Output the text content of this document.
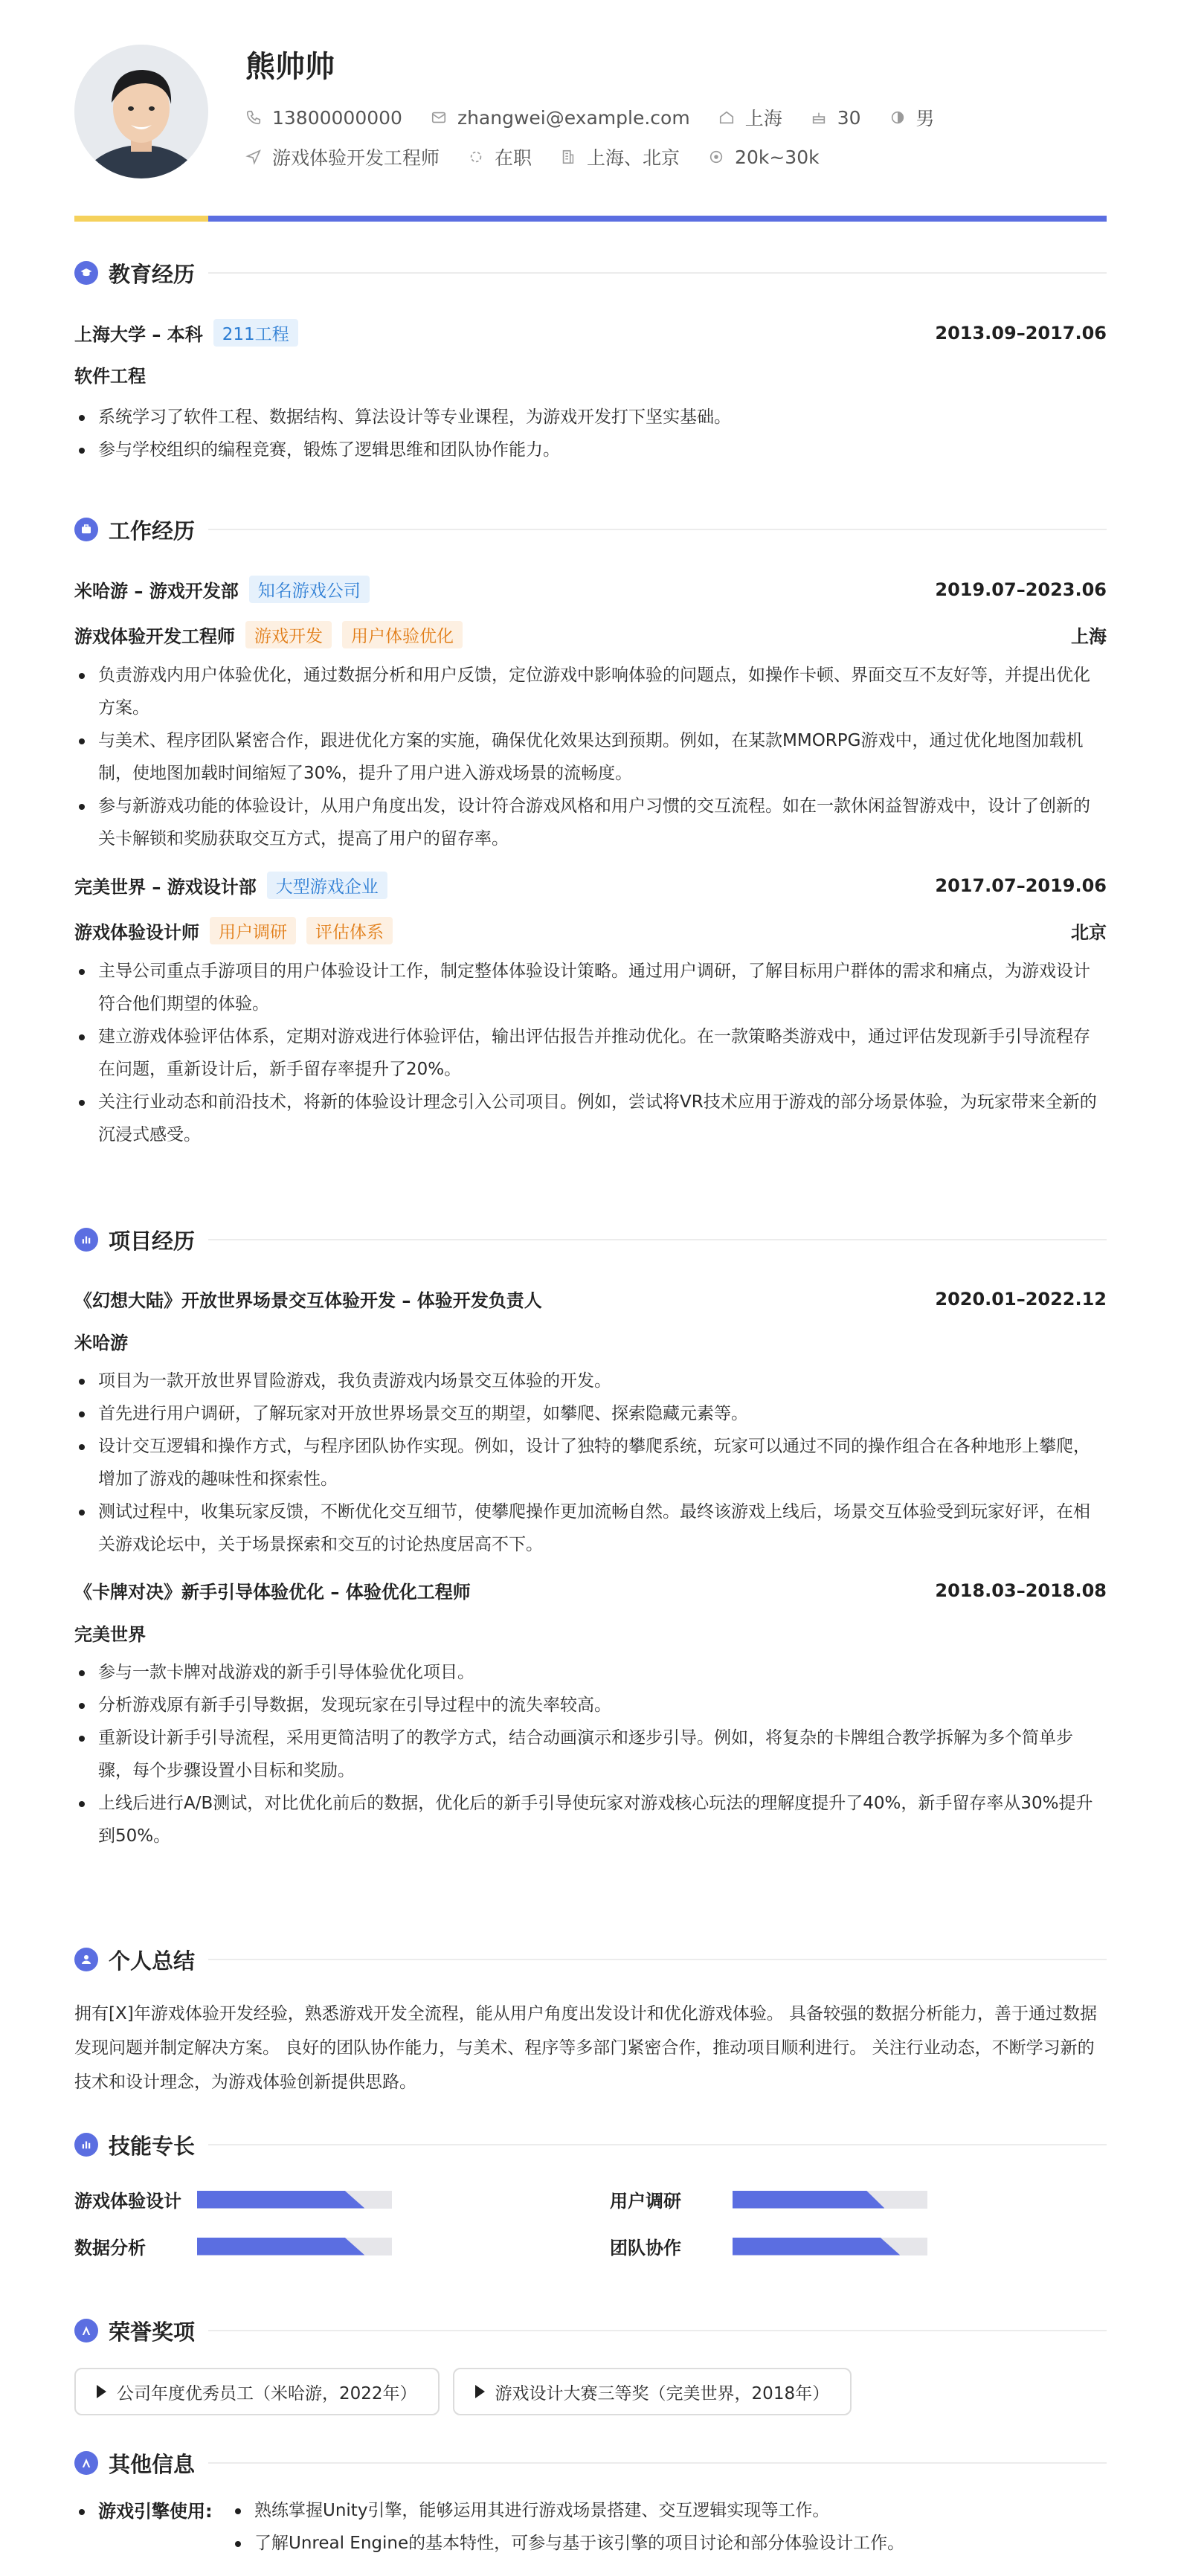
熊帅帅
13800000000	zhangwei@example.com	上海	30	男
游戏体验开发工程师	在职	上海、北京	20k~30k
教育经历
上海大学 – 本科	211工程	2013.09–2017.06
软件工程
系统学习了软件工程、数据结构、算法设计等专业课程，为游戏开发打下坚实基础。
参与学校组织的编程竞赛，锻炼了逻辑思维和团队协作能力。
工作经历
米哈游 – 游戏开发部	知名游戏公司	2019.07–2023.06
游戏体验开发工程师	游戏开发	用户体验优化	上海
负责游戏内用户体验优化，通过数据分析和用户反馈，定位游戏中影响体验的问题点，如操作卡顿、界面交互不友好等，并提出优化方案。
与美术、程序团队紧密合作，跟进优化方案的实施，确保优化效果达到预期。例如，在某款MMORPG游戏中，通过优化地图加载机制，使地图加载时间缩短了30%，提升了用户进入游戏场景的流畅度。
参与新游戏功能的体验设计，从用户角度出发，设计符合游戏风格和用户习惯的交互流程。如在一款休闲益智游戏中，设计了创新的关卡解锁和奖励获取交互方式，提高了用户的留存率。
完美世界 – 游戏设计部	大型游戏企业	2017.07–2019.06
游戏体验设计师	用户调研	评估体系	北京
主导公司重点手游项目的用户体验设计工作，制定整体体验设计策略。通过用户调研，了解目标用户群体的需求和痛点，为游戏设计符合他们期望的体验。
建立游戏体验评估体系，定期对游戏进行体验评估，输出评估报告并推动优化。在一款策略类游戏中，通过评估发现新手引导流程存在问题，重新设计后，新手留存率提升了20%。
关注行业动态和前沿技术，将新的体验设计理念引入公司项目。例如，尝试将VR技术应用于游戏的部分场景体验，为玩家带来全新的沉浸式感受。
项目经历
《幻想大陆》开放世界场景交互体验开发 – 体验开发负责人	2020.01–2022.12
米哈游
项目为一款开放世界冒险游戏，我负责游戏内场景交互体验的开发。
首先进行用户调研，了解玩家对开放世界场景交互的期望，如攀爬、探索隐藏元素等。
设计交互逻辑和操作方式，与程序团队协作实现。例如，设计了独特的攀爬系统，玩家可以通过不同的操作组合在各种地形上攀爬，增加了游戏的趣味性和探索性。
测试过程中，收集玩家反馈，不断优化交互细节，使攀爬操作更加流畅自然。最终该游戏上线后，场景交互体验受到玩家好评，在相关游戏论坛中，关于场景探索和交互的讨论热度居高不下。
《卡牌对决》新手引导体验优化 – 体验优化工程师	2018.03–2018.08
完美世界
参与一款卡牌对战游戏的新手引导体验优化项目。
分析游戏原有新手引导数据，发现玩家在引导过程中的流失率较高。
重新设计新手引导流程，采用更简洁明了的教学方式，结合动画演示和逐步引导。例如，将复杂的卡牌组合教学拆解为多个简单步骤，每个步骤设置小目标和奖励。
上线后进行A/B测试，对比优化前后的数据，优化后的新手引导使玩家对游戏核心玩法的理解度提升了40%，新手留存率从30%提升到50%。
个人总结

拥有[X]年游戏体验开发经验，熟悉游戏开发全流程，能从用户角度出发设计和优化游戏体验。 具备较强的数据分析能力，善于通过数据发现问题并制定解决方案。 良好的团队协作能力，与美术、程序等多部门紧密合作，推动项目顺利进行。 关注行业动态，不断学习新的技术和设计理念，为游戏体验创新提供思路。

技能专长
游戏体验设计	用户调研
数据分析	团队协作
荣誉奖项
公司年度优秀员工（米哈游，2022年）	游戏设计大赛三等奖（完美世界，2018年）
其他信息
游戏引擎使用:	熟练掌握Unity引擎，能够运用其进行游戏场景搭建、交互逻辑实现等工作。
了解Unreal Engine的基本特性，可参与基于该引擎的项目讨论和部分体验设计工作。
